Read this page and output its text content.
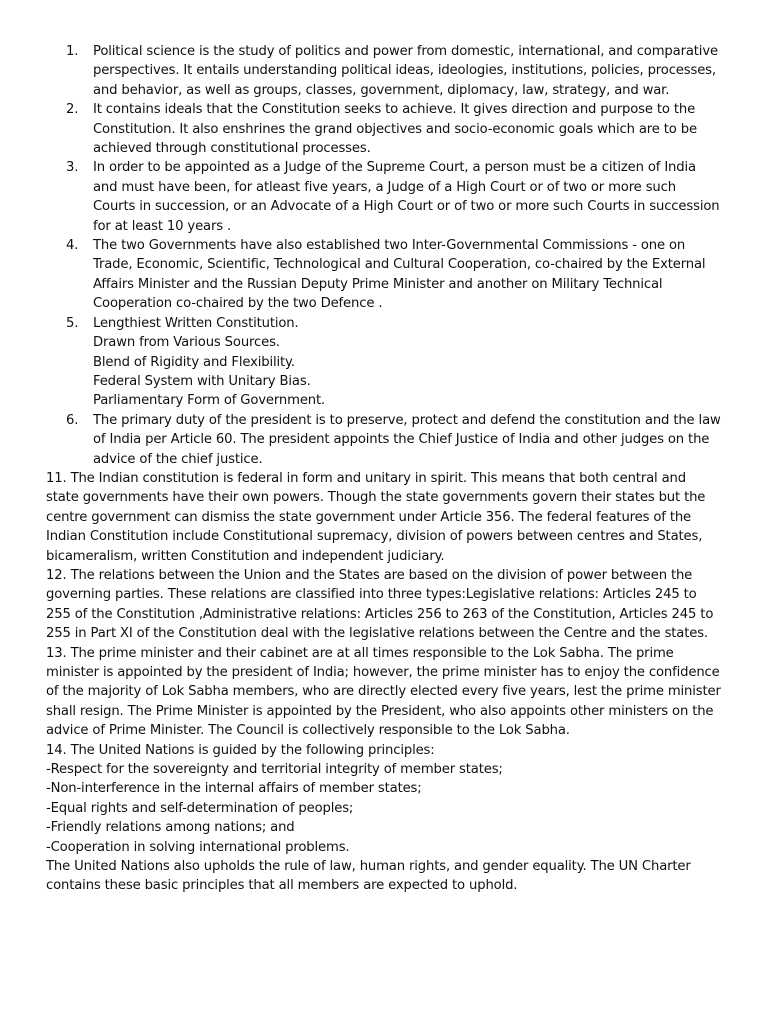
1.	Political science is the study of politics and power from domestic, international, and comparative perspectives. It entails understanding political ideas, ideologies, institutions, policies, processes, and behavior, as well as groups, classes, government, diplomacy, law, strategy, and war.
2.	It contains ideals that the Constitution seeks to achieve. It gives direction and purpose to the Constitution. It also enshrines the grand objectives and socio-economic goals which are to be achieved through constitutional processes.
3.	In order to be appointed as a Judge of the Supreme Court, a person must be a citizen of India and must have been, for atleast five years, a Judge of a High Court or of two or more such Courts in succession, or an Advocate of a High Court or of two or more such Courts in succession for at least 10 years .
4.	The two Governments have also established two Inter-Governmental Commissions - one on Trade, Economic, Scientific, Technological and Cultural Cooperation, co-chaired by the External Affairs Minister and the Russian Deputy Prime Minister and another on Military Technical Cooperation co-chaired by the two Defence .
5.	Lengthiest Written Constitution.
Drawn from Various Sources.
Blend of Rigidity and Flexibility.
Federal System with Unitary Bias.
Parliamentary Form of Government.
6.	The primary duty of the president is to preserve, protect and defend the constitution and the law of India per Article 60. The president appoints the Chief Justice of India and other judges on the advice of the chief justice.

11. The Indian constitution is federal in form and unitary in spirit. This means that both central and state governments have their own powers. Though the state governments govern their states but the centre government can dismiss the state government under Article 356. The federal features of the Indian Constitution include Constitutional supremacy, division of powers between centres and States, bicameralism, written Constitution and independent judiciary.

12. The relations between the Union and the States are based on the division of power between the governing parties. These relations are classified into three types:Legislative relations: Articles 245 to 255 of the Constitution ,Administrative relations: Articles 256 to 263 of the Constitution, Articles 245 to 255 in Part XI of the Constitution deal with the legislative relations between the Centre and the states.

13. The prime minister and their cabinet are at all times responsible to the Lok Sabha. The prime minister is appointed by the president of India; however, the prime minister has to enjoy the confidence of the majority of Lok Sabha members, who are directly elected every five years, lest the prime minister shall resign. The Prime Minister is appointed by the President, who also appoints other ministers on the advice of Prime Minister. The Council is collectively responsible to the Lok Sabha.

14. The United Nations is guided by the following principles:
-Respect for the sovereignty and territorial integrity of member states;
-Non-interference in the internal affairs of member states;
-Equal rights and self-determination of peoples;
-Friendly relations among nations; and
-Cooperation in solving international problems.
The United Nations also upholds the rule of law, human rights, and gender equality. The UN Charter contains these basic principles that all members are expected to uphold.
